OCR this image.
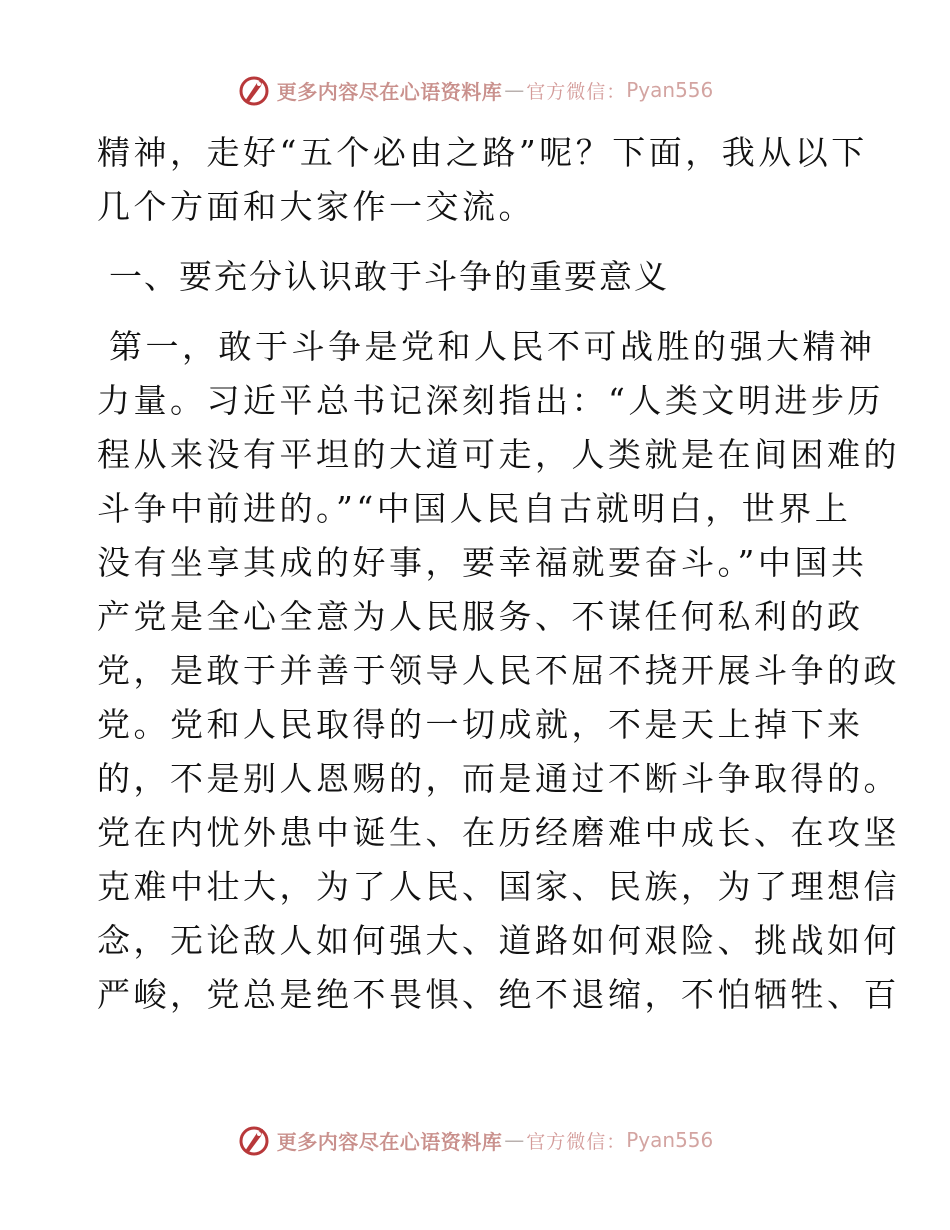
更多内容尽在心语资料库 — 官方微信： Pyan556
精神，走好“五个必由之路”呢？下面，我从以下
几个方面和大家作一交流。
一、要充分认识敢于斗争的重要意义
第一，敢于斗争是党和人民不可战胜的强大精神
力量。习近平总书记深刻指出：“人类文明进步历
程从来没有平坦的大道可走，人类就是在间困难的
斗争中前进的。”“中国人民自古就明白，世界上
没有坐享其成的好事，要幸福就要奋斗。”中国共
产党是全心全意为人民服务、不谋任何私利的政
党，是敢于并善于领导人民不屈不挠开展斗争的政
党。党和人民取得的一切成就，不是天上掉下来
的，不是别人恩赐的，而是通过不断斗争取得的。
党在内忧外患中诞生、在历经磨难中成长、在攻坚
克难中壮大，为了人民、国家、民族，为了理想信
念，无论敌人如何强大、道路如何艰险、挑战如何
严峻，党总是绝不畏惧、绝不退缩，不怕牺牲、百
更多内容尽在心语资料库 — 官方微信： Pyan556
